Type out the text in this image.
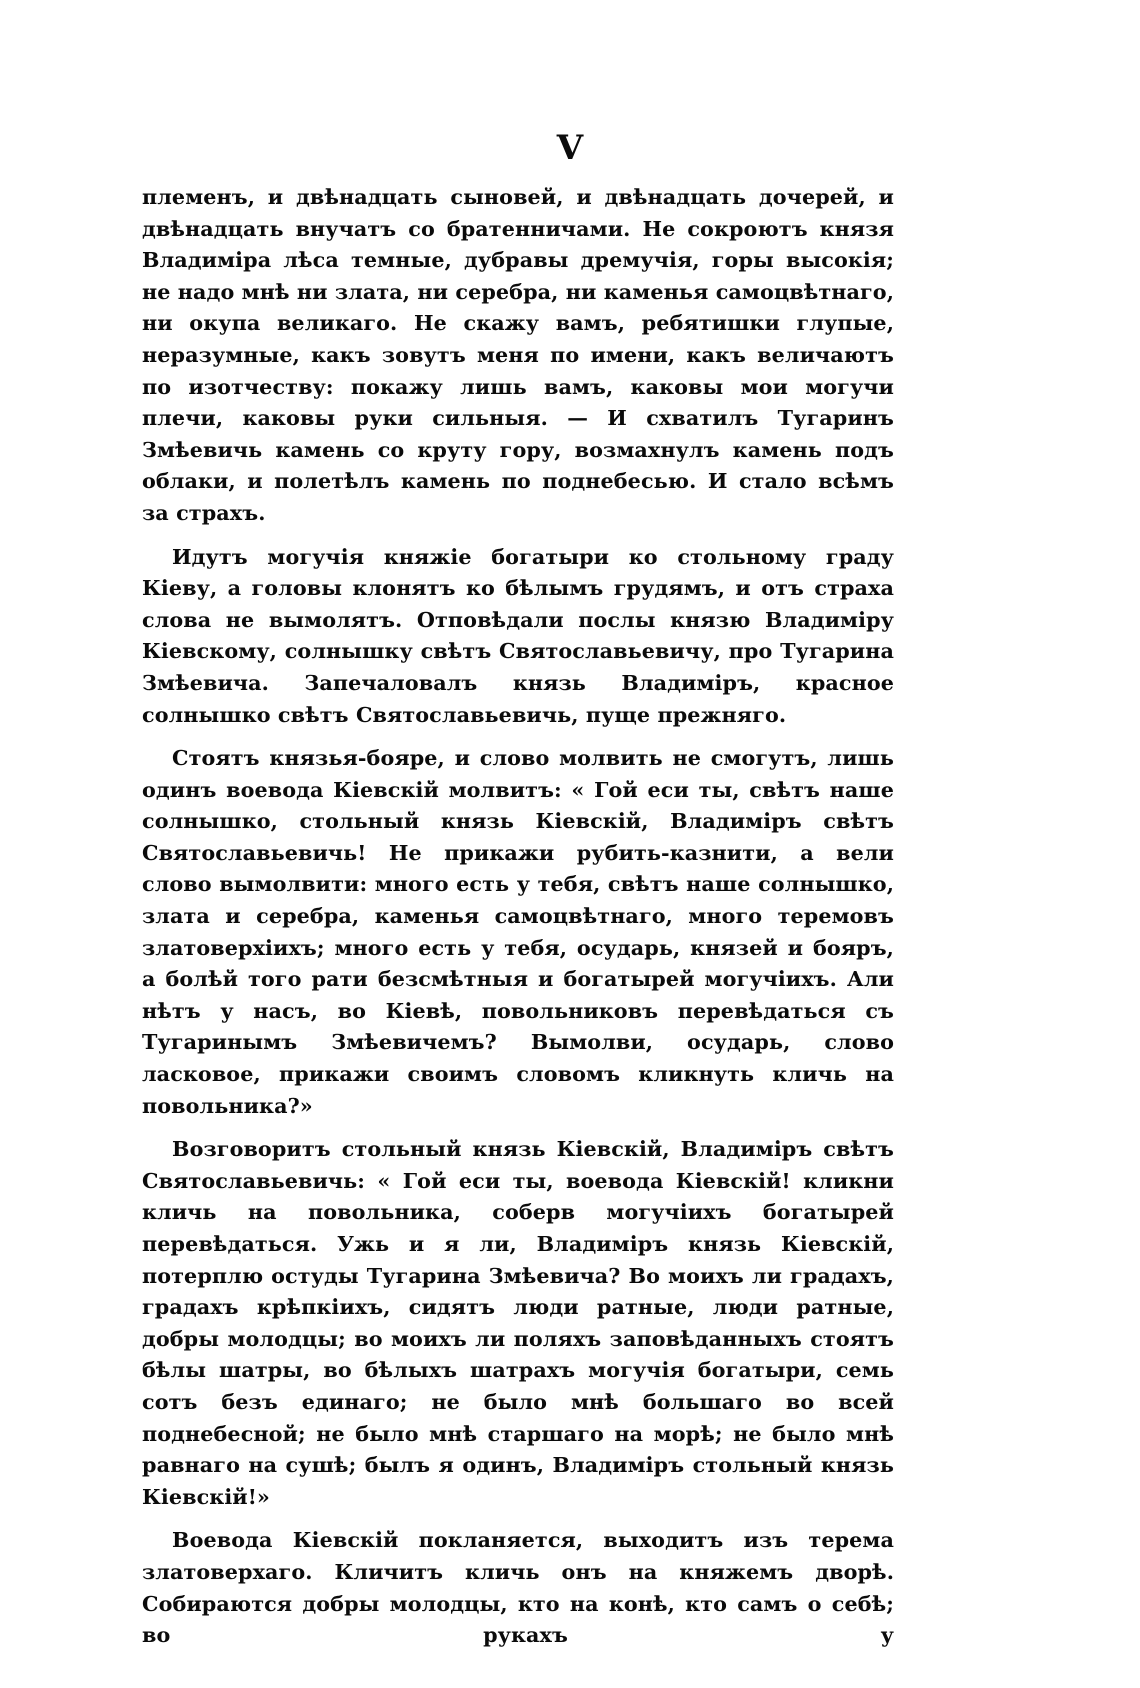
V

племенъ, и двѣнадцать сыновей, и двѣнадцать дочерей, и двѣнадцать внучатъ со братенничами. Не сокроютъ князя Владиміра лѣса темные, дубравы дремучія, горы высокія; не надо мнѣ ни злата, ни серебра, ни каменья самоцвѣтнаго, ни окупа великаго. Не скажу вамъ, ребятишки глупые, неразумные, какъ зовутъ меня по имени, какъ величаютъ по изотчеству: покажу лишь вамъ, каковы мои могучи плечи, каковы руки сильныя. — И схватилъ Тугаринъ Змѣевичь камень со круту гору, возмахнулъ камень подъ облаки, и полетѣлъ камень по поднебесью. И стало всѣмъ за страхъ.

Идутъ могучія княжіе богатыри ко стольному граду Кіеву, а головы клонятъ ко бѣлымъ грудямъ, и отъ страха слова не вымолятъ. Отповѣдали послы князю Владиміру Кіевскому, солнышку свѣтъ Святославьевичу, про Тугарина Змѣевича. Запечаловалъ князь Владиміръ, красное солнышко свѣтъ Святославьевичь, пуще прежняго.

Стоятъ князья-бояре, и слово молвить не смогутъ, лишь одинъ воевода Кіевскій молвитъ: « Гой еси ты, свѣтъ наше солнышко, стольный князь Кіевскій, Владиміръ свѣтъ Святославьевичь! Не прикажи рубить-казнити, а вели слово вымолвити: много есть у тебя, свѣтъ наше солнышко, злата и серебра, каменья самоцвѣтнаго, много теремовъ златоверхіихъ; много есть у тебя, осударь, князей и бояръ, а болѣй того рати безсмѣтныя и богатырей могучіихъ. Али нѣтъ у насъ, во Кіевѣ, повольниковъ перевѣдаться съ Тугаринымъ Змѣевичемъ? Вымолви, осударь, слово ласковое, прикажи своимъ словомъ кликнуть кличь на повольника?»

Возговоритъ стольный князь Кіевскій, Владиміръ свѣтъ Святославьевичь: « Гой еси ты, воевода Кіевскій! кликни кличь на повольника, соберв могучіихъ богатырей перевѣдаться. Ужь и я ли, Владиміръ князь Кіевскій, потерплю остуды Тугарина Змѣевича? Во моихъ ли градахъ, градахъ крѣпкіихъ, сидятъ люди ратные, люди ратные, добры молодцы; во моихъ ли поляхъ заповѣданныхъ стоятъ бѣлы шатры, во бѣлыхъ шатрахъ могучія богатыри, семь сотъ безъ единаго; не было мнѣ большаго во всей поднебесной; не было мнѣ старшаго на морѣ; не было мнѣ равнаго на сушѣ; былъ я одинъ, Владиміръ стольный князь Кіевскій!»

Воевода Кіевскій покланяется, выходитъ изъ терема златоверхаго. Кличитъ кличь онъ на княжемъ дворѣ. Собираются добры молодцы, кто на конѣ, кто самъ о себѣ; во рукахъ у
